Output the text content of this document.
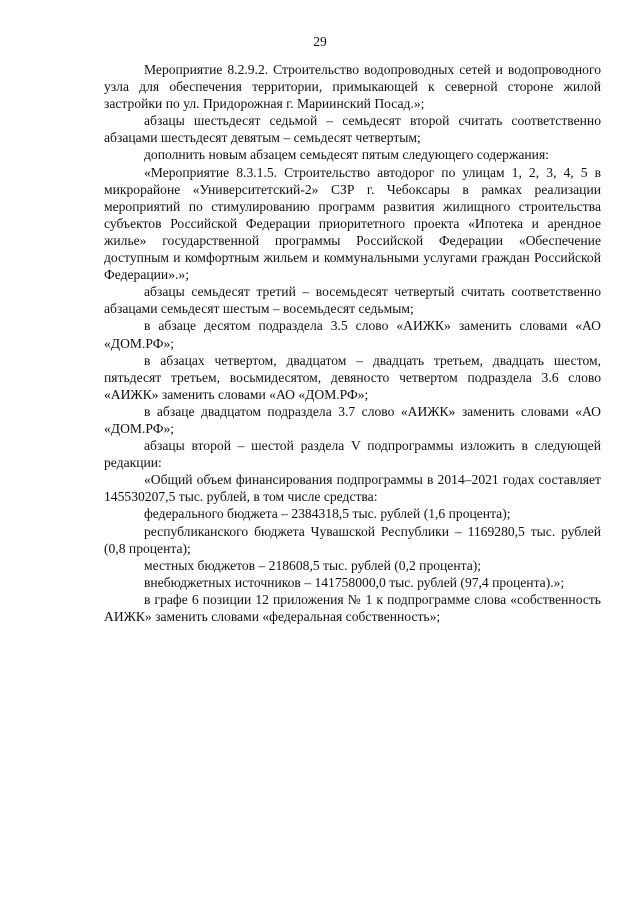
29

Мероприятие 8.2.9.2. Строительство водопроводных сетей и водопроводного узла для обеспечения территории, примыкающей к северной стороне жилой застройки по ул. Придорожная г. Мариинский Посад.»;

абзацы шестьдесят седьмой – семьдесят второй считать соответственно абзацами шестьдесят девятым – семьдесят четвертым;

дополнить новым абзацем семьдесят пятым следующего содержания:

«Мероприятие 8.3.1.5. Строительство автодорог по улицам 1, 2, 3, 4, 5 в микрорайоне «Университетский-2» СЗР г. Чебоксары в рамках реализации мероприятий по стимулированию программ развития жилищного строительства субъектов Российской Федерации приоритетного проекта «Ипотека и арендное жилье» государственной программы Российской Федерации «Обеспечение доступным и комфортным жильем и коммунальными услугами граждан Российской Федерации».»;

абзацы семьдесят третий – восемьдесят четвертый считать соответственно абзацами семьдесят шестым – восемьдесят седьмым;

в абзаце десятом подраздела 3.5 слово «АИЖК» заменить словами «АО «ДОМ.РФ»;

в абзацах четвертом, двадцатом – двадцать третьем, двадцать шестом, пятьдесят третьем, восьмидесятом, девяносто четвертом подраздела 3.6 слово «АИЖК» заменить словами «АО «ДОМ.РФ»;

в абзаце двадцатом подраздела 3.7 слово «АИЖК» заменить словами «АО «ДОМ.РФ»;

абзацы второй – шестой раздела V подпрограммы изложить в следующей редакции:

«Общий объем финансирования подпрограммы в 2014–2021 годах составляет 145530207,5 тыс. рублей, в том числе средства:

федерального бюджета – 2384318,5 тыс. рублей (1,6 процента);

республиканского бюджета Чувашской Республики – 1169280,5 тыс. рублей (0,8 процента);

местных бюджетов – 218608,5 тыс. рублей (0,2 процента);

внебюджетных источников – 141758000,0 тыс. рублей (97,4 процента).»;

в графе 6 позиции 12 приложения № 1 к подпрограмме слова «собственность АИЖК» заменить словами «федеральная собственность»;
